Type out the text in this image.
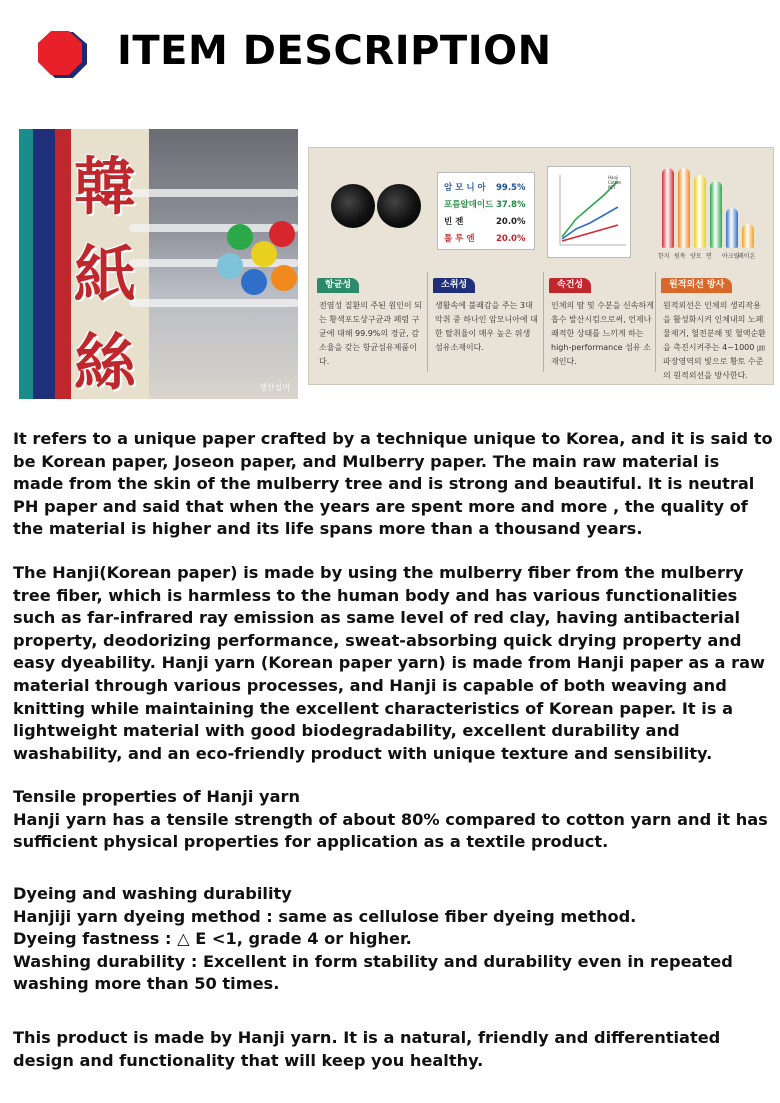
ITEM DESCRIPTION
韓
紙
絲	생산설비
암 모 니 아 99.5%
포름알데이드 37.8%
빈 젠	20.0%
톨 루 엔	20.0%
Hanji
Cotton
PET
한지 원목 양모 면 아크릴
레이온
항균성
전염성 질환의 주된 원인이 되는 황색포도상구균과 폐렴 구균에 대해 99.9%의 경균, 감소율을 갖는 항균섬유제품이다.
소취성
생활속에 불쾌감을 주는 3대 악취 중 하나인 암모니아에 대한 탈취율이 매우 높은 위생 섬유소재이다.
속건성
인체의 땀 및 수분을 신속하게 흡수 발산시킴으로써, 언제나 쾌적한 상태를 느끼게 하는 high-performance 섬유 소재인다.
원적외선 방사
원적외선은 인체의 생리작용을 활성화시켜 인체내의 노폐물제거, 혈전분해 및 혈액순환을 촉진시켜주는 4~1000 ㎛파장영역의 빛으로 황토 수준의 원적외선을 방사한다.

It refers to a unique paper crafted by a technique unique to Korea, and it is said to be Korean paper, Joseon paper, and Mulberry paper. The main raw material is made from the skin of the mulberry tree and is strong and beautiful. It is neutral PH paper and said that when the years are spent more and more , the quality of the material is higher and its life spans more than a thousand years.

The Hanji(Korean paper) is made by using the mulberry fiber from the mulberry tree fiber, which is harmless to the human body and has various functionalities such as far-infrared ray emission as same level of red clay, having antibacterial property, deodorizing performance, sweat-absorbing quick drying property and easy dyeability. Hanji yarn (Korean paper yarn) is made from Hanji paper as a raw material through various processes, and Hanji is capable of both weaving and knitting while maintaining the excellent characteristics of Korean paper. It is a lightweight material with good biodegradability, excellent durability and washability, and an eco-friendly product with unique texture and sensibility.

Tensile properties of Hanji yarn

Hanji yarn has a tensile strength of about 80% compared to cotton yarn and it has sufficient physical properties for application as a textile product.

Dyeing and washing durability

Hanjiji yarn dyeing method : same as cellulose fiber dyeing method.

Dyeing fastness : △ E <1, grade 4 or higher.

Washing durability : Excellent in form stability and durability even in repeated washing more than 50 times.

This product is made by Hanji yarn. It is a natural, friendly and differentiated design and functionality that will keep you healthy.
